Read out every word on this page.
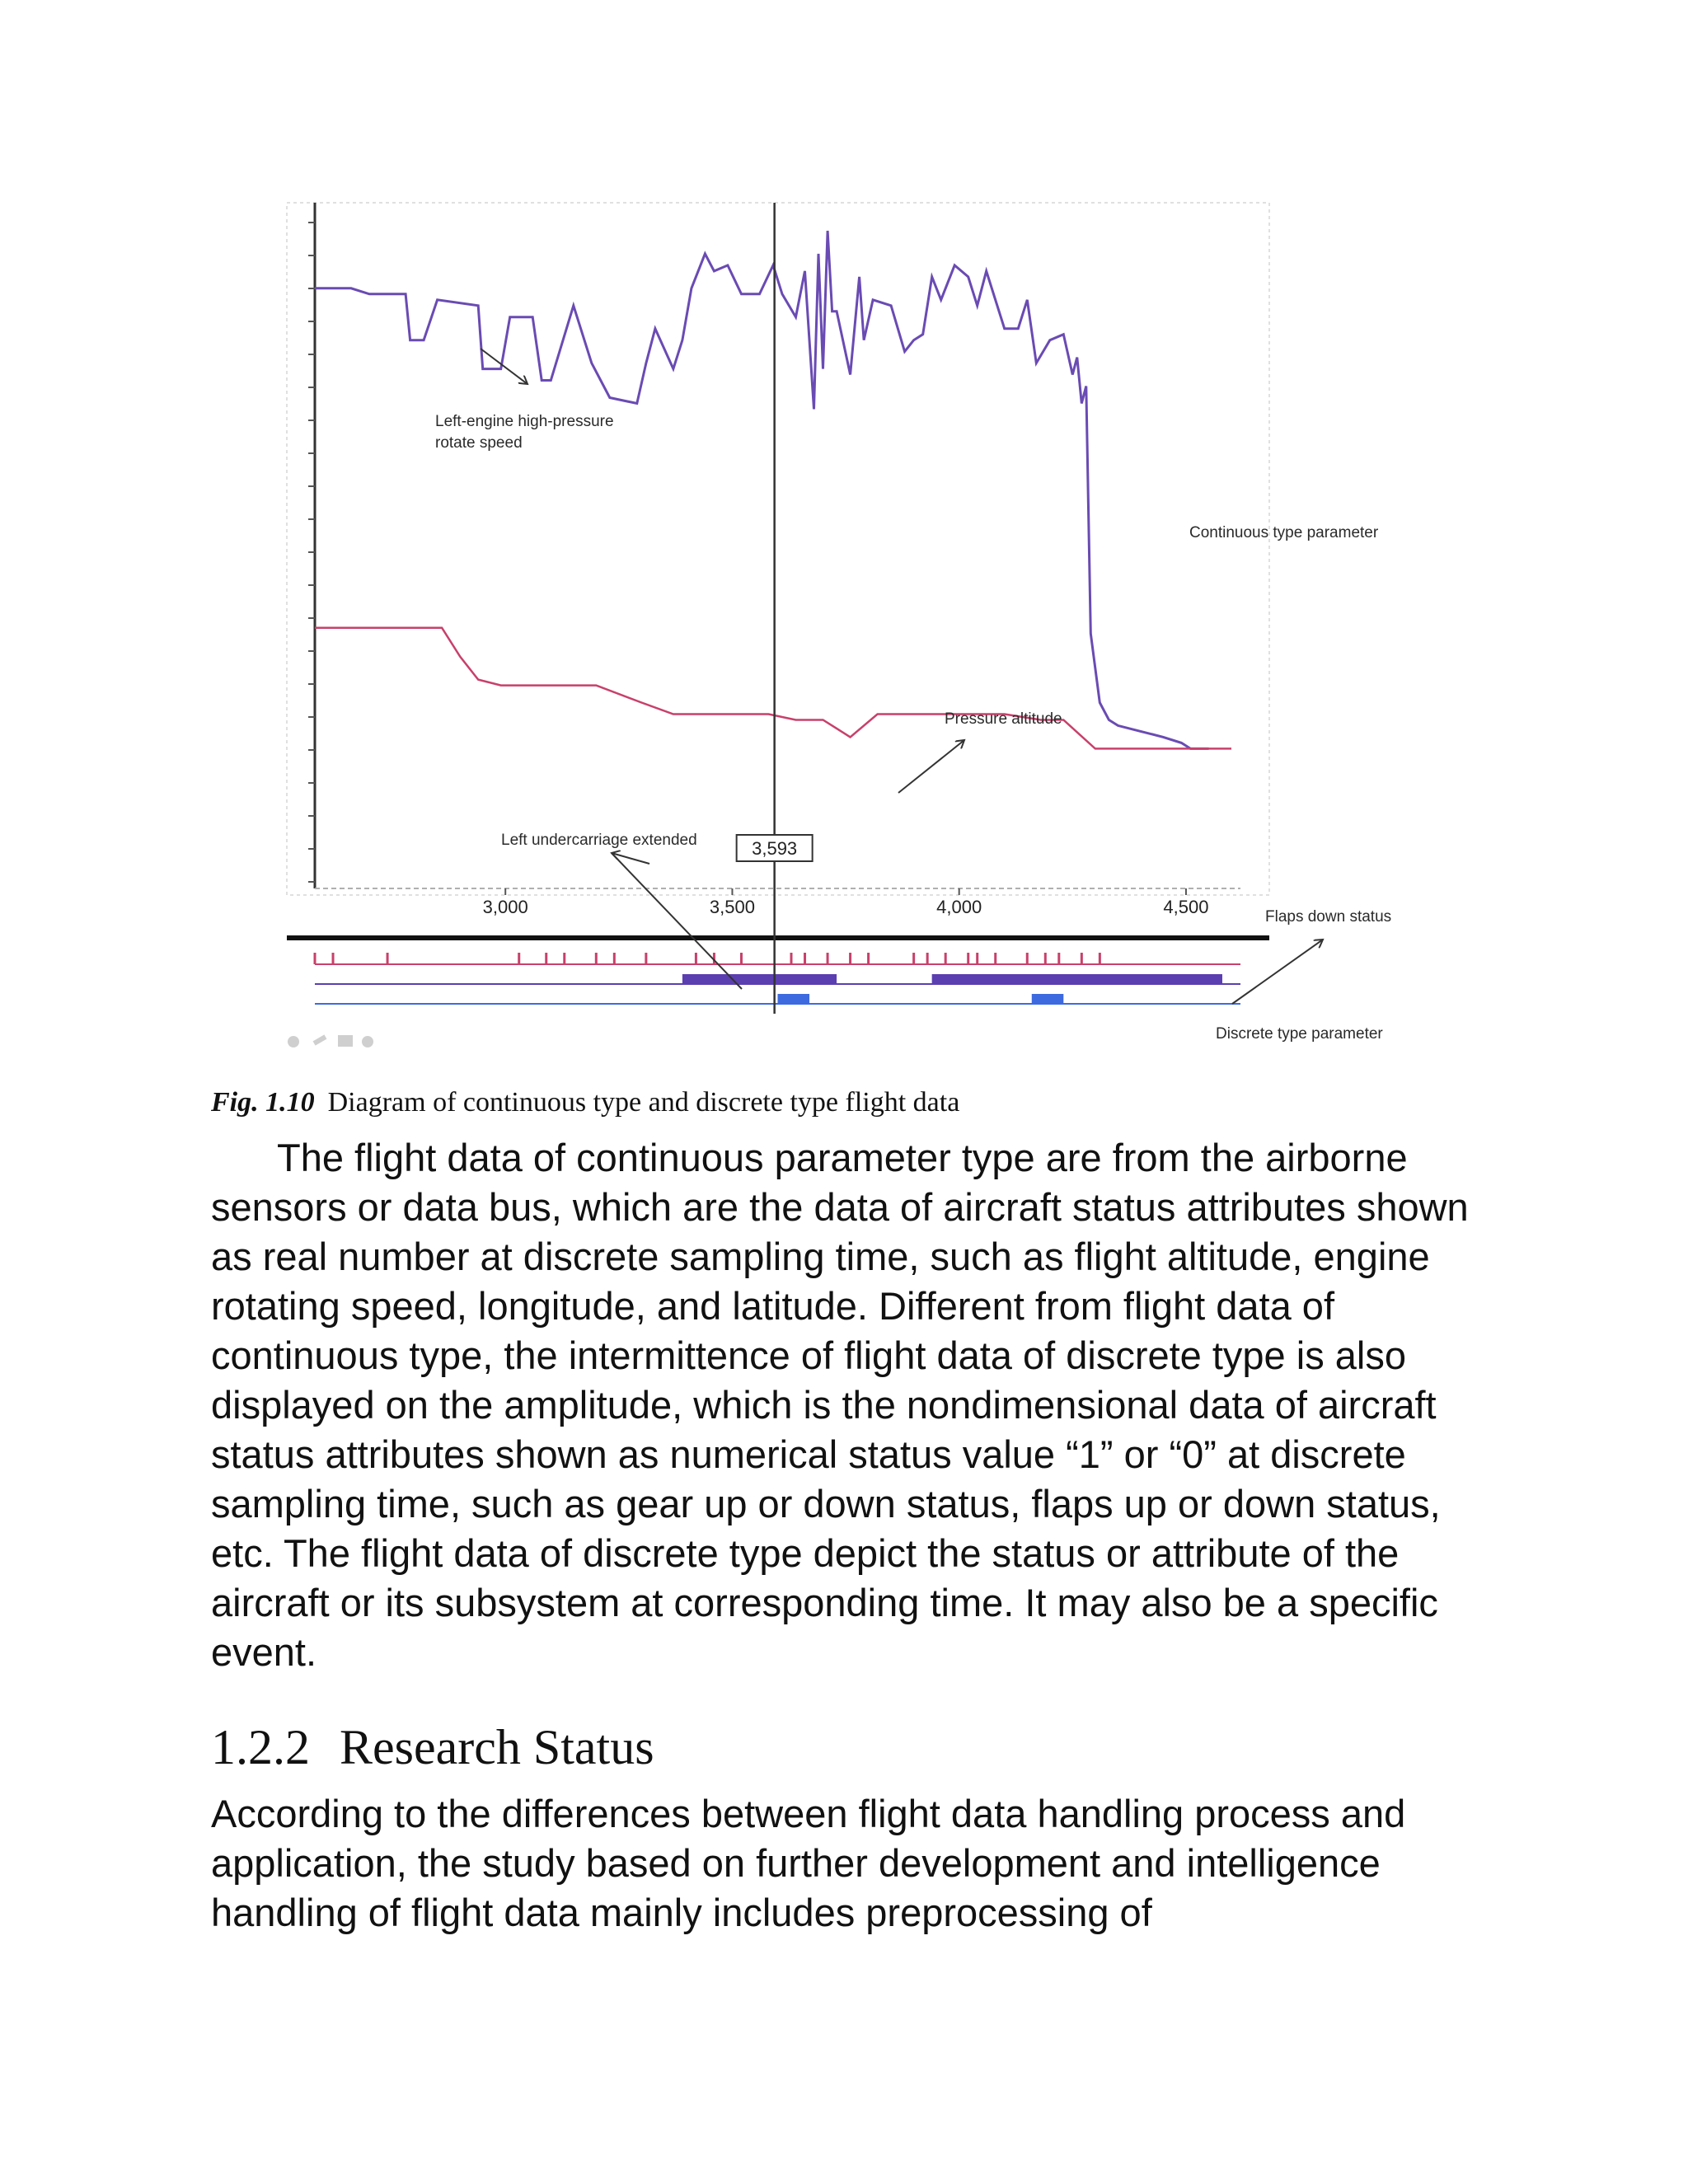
3,000	3,500	4,000	4,500
3,593
Left-engine high-pressure rotate speed
Continuous type parameter
Pressure altitude
Left undercarriage extended
Flaps down status
Discrete type parameter
Fig. 1.10 Diagram of continuous type and discrete type flight data

The flight data of continuous parameter type are from the airborne sensors or data bus, which are the data of aircraft status attributes shown as real number at discrete sampling time, such as flight altitude, engine rotating speed, longitude, and latitude. Different from flight data of continuous type, the intermittence of flight data of discrete type is also displayed on the amplitude, which is the nondimensional data of aircraft status attributes shown as numerical status value “1” or “0” at discrete sampling time, such as gear up or down status, flaps up or down status, etc. The flight data of discrete type depict the status or attribute of the aircraft or its subsystem at corresponding time. It may also be a specific event.

1.2.2 Research Status

According to the differences between flight data handling process and application, the study based on further development and intelligence handling of flight data mainly includes preprocessing of
